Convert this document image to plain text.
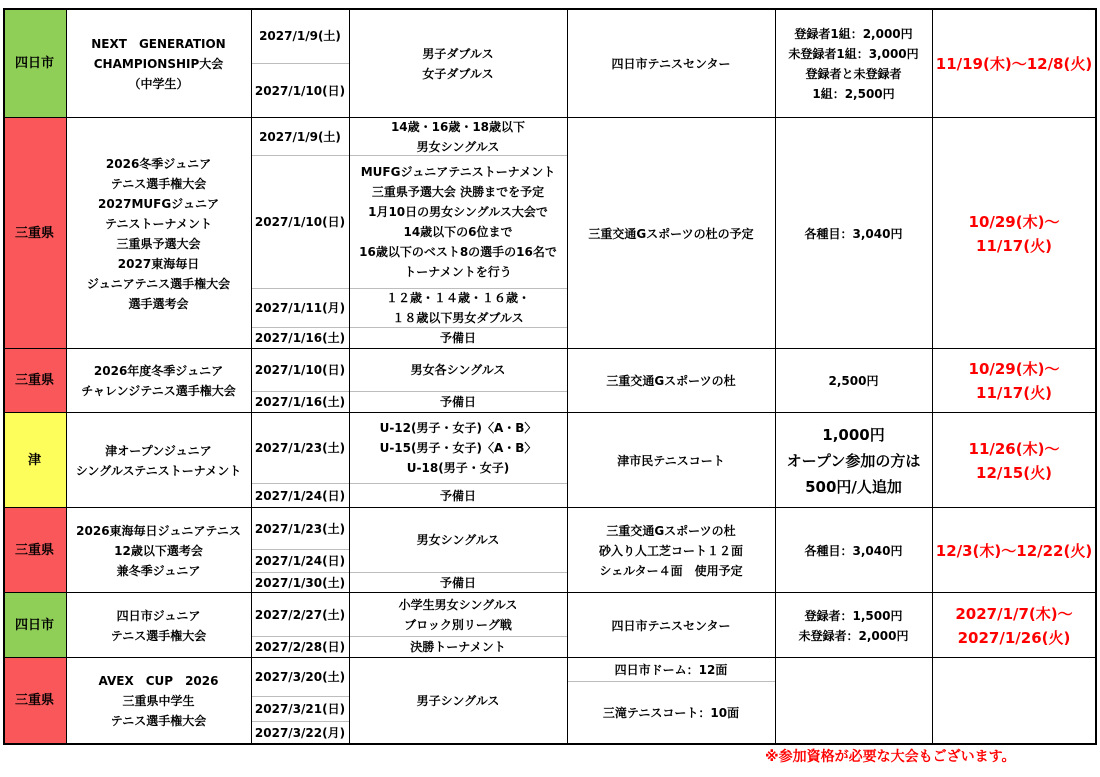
四日市
NEXT　GENERATION
CHAMPIONSHIP大会
（中学生）
2027/1/9(土)
2027/1/10(日)
男子ダブルス
女子ダブルス
四日市テニスセンター
登録者1組：2,000円
未登録者1組：3,000円
登録者と未登録者
1組：2,500円
11/19(木)～12/8(火)
三重県
2026冬季ジュニア
テニス選手権大会
2027MUFGジュニア
テニストーナメント
三重県予選大会
2027東海毎日
ジュニアテニス選手権大会
選手選考会
2027/1/9(土)
2027/1/10(日)
2027/1/11(月)
2027/1/16(土)
14歳・16歳・18歳以下
男女シングルス
MUFGジュニアテニストーナメント
三重県予選大会 決勝までを予定
1月10日の男女シングルス大会で
14歳以下の6位まで
16歳以下のベスト8の選手の16名で
トーナメントを行う
１２歳・１４歳・１６歳・
１８歳以下男女ダブルス
予備日
三重交通Gスポーツの杜の予定	各種目：3,040円
10/29(木)～
11/17(火)
三重県
2026年度冬季ジュニア
チャレンジテニス選手権大会
2027/1/10(日)
2027/1/16(土)
男女各シングルス
予備日
三重交通Gスポーツの杜	2,500円
10/29(木)～
11/17(火)
津
津オープンジュニア
シングルステニストーナメント
2027/1/23(土)
2027/1/24(日)
U-12(男子・女子)〈A・B〉
U-15(男子・女子)〈A・B〉
U-18(男子・女子)
予備日
津市民テニスコート
1,000円
オープン参加の方は
500円/人追加
11/26(木)～
12/15(火)
三重県
2026東海毎日ジュニアテニス
12歳以下選考会
兼冬季ジュニア
2027/1/23(土)
2027/1/24(日)
2027/1/30(土)
男女シングルス
予備日
三重交通Gスポーツの杜
砂入り人工芝コート１２面
シェルター４面　使用予定
各種目：3,040円 12/3(木)～12/22(火)
四日市
四日市ジュニア
テニス選手権大会
2027/2/27(土)
2027/2/28(日)
小学生男女シングルス
ブロック別リーグ戦
決勝トーナメント
四日市テニスセンター
登録者：1,500円
未登録者：2,000円
2027/1/7(木)～
2027/1/26(火)
三重県
AVEX　CUP　2026
三重県中学生
テニス選手権大会
2027/3/20(土)
2027/3/21(日)
2027/3/22(月)
男子シングルス
四日市ドーム：12面
三滝テニスコート：10面
※参加資格が必要な大会もございます。
